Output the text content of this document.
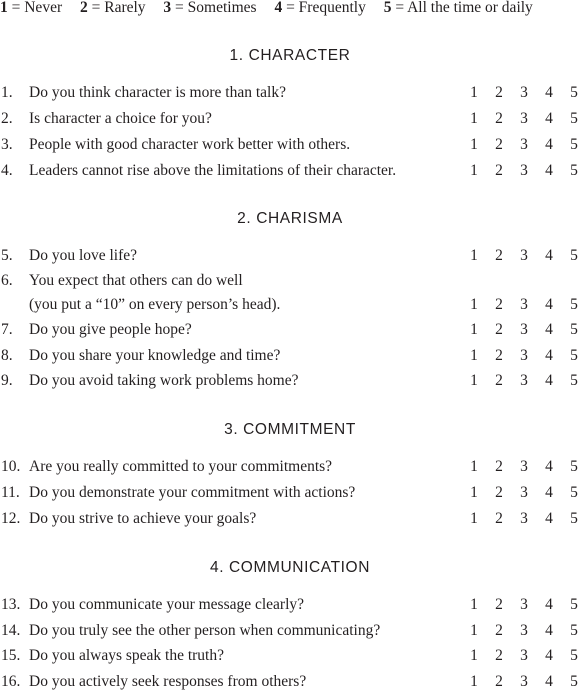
1 = Never 2 = Rarely 3 = Sometimes 4 = Frequently 5 = All the time or daily
1. CHARACTER
1. Do you think character is more than talk?	1 2 3 4 5
2. Is character a choice for you?	1 2 3 4 5
3. People with good character work better with others.	1 2 3 4 5
4. Leaders cannot rise above the limitations of their character.	1 2 3 4 5
2. CHARISMA
5. Do you love life?	1 2 3 4 5
6. You expect that others can do well
(you put a “10” on every person’s head).	1 2 3 4 5
7. Do you give people hope?	1 2 3 4 5
8. Do you share your knowledge and time?	1 2 3 4 5
9. Do you avoid taking work problems home?	1 2 3 4 5
3. COMMITMENT
10. Are you really committed to your commitments?	1 2 3 4 5
11. Do you demonstrate your commitment with actions?	1 2 3 4 5
12. Do you strive to achieve your goals?	1 2 3 4 5
4. COMMUNICATION
13. Do you communicate your message clearly?	1 2 3 4 5
14. Do you truly see the other person when communicating?	1 2 3 4 5
15. Do you always speak the truth?	1 2 3 4 5
16. Do you actively seek responses from others?	1 2 3 4 5
